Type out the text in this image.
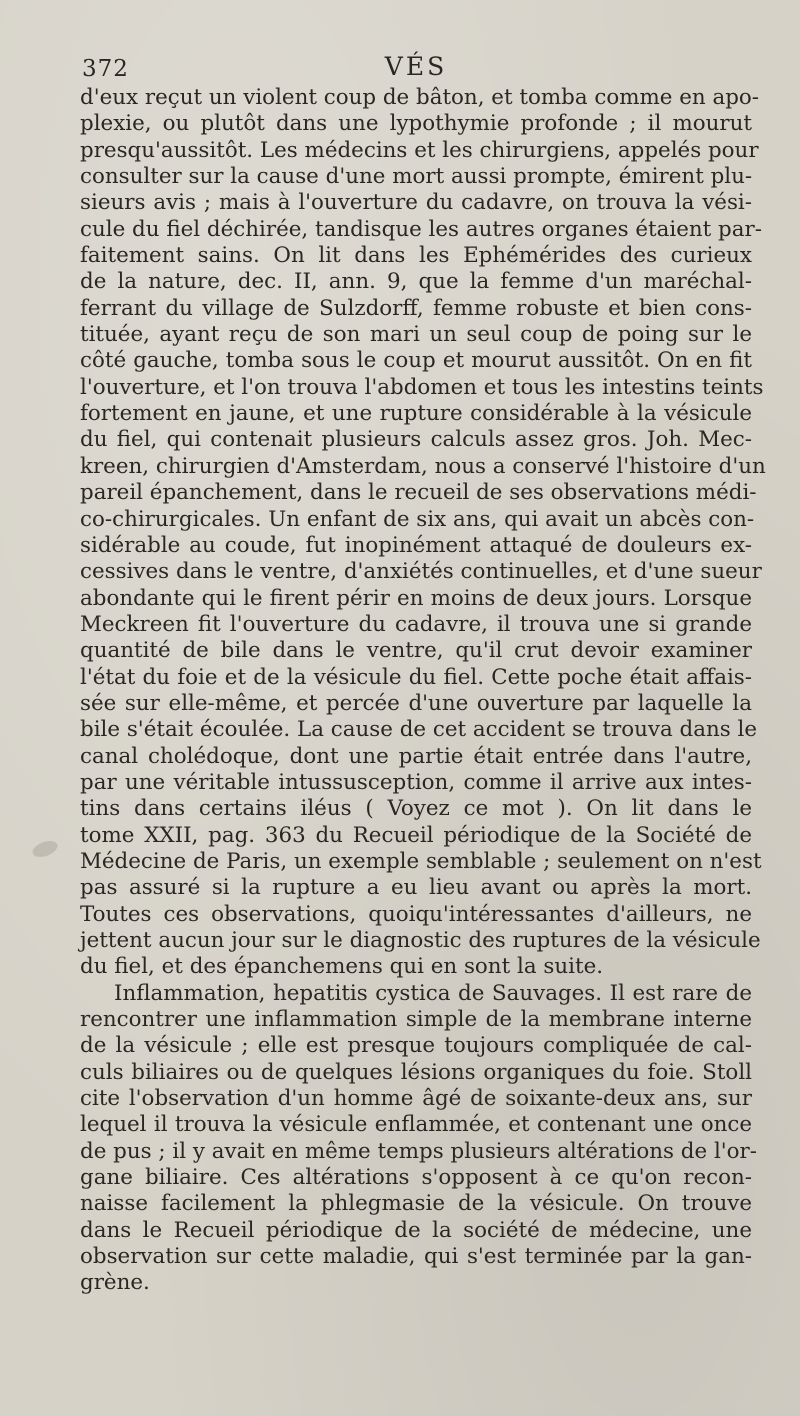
372	VÉS
d'eux reçut un violent coup de bâton, et tomba comme en apo-
plexie, ou plutôt dans une lypothymie profonde ; il mourut
presqu'aussitôt. Les médecins et les chirurgiens, appelés pour
consulter sur la cause d'une mort aussi prompte, émirent plu-
sieurs avis ; mais à l'ouverture du cadavre, on trouva la vési-
cule du fiel déchirée, tandisque les autres organes étaient par-
faitement sains. On lit dans les Ephémérides des curieux
de la nature, dec. II, ann. 9, que la femme d'un maréchal-
ferrant du village de Sulzdorff, femme robuste et bien cons-
tituée, ayant reçu de son mari un seul coup de poing sur le
côté gauche, tomba sous le coup et mourut aussitôt. On en fit
l'ouverture, et l'on trouva l'abdomen et tous les intestins teints
fortement en jaune, et une rupture considérable à la vésicule
du fiel, qui contenait plusieurs calculs assez gros. Joh. Mec-
kreen, chirurgien d'Amsterdam, nous a conservé l'histoire d'un
pareil épanchement, dans le recueil de ses observations médi-
co-chirurgicales. Un enfant de six ans, qui avait un abcès con-
sidérable au coude, fut inopinément attaqué de douleurs ex-
cessives dans le ventre, d'anxiétés continuelles, et d'une sueur
abondante qui le firent périr en moins de deux jours. Lorsque
Meckreen fit l'ouverture du cadavre, il trouva une si grande
quantité de bile dans le ventre, qu'il crut devoir examiner
l'état du foie et de la vésicule du fiel. Cette poche était affais-
sée sur elle-même, et percée d'une ouverture par laquelle la
bile s'était écoulée. La cause de cet accident se trouva dans le
canal cholédoque, dont une partie était entrée dans l'autre,
par une véritable intussusception, comme il arrive aux intes-
tins dans certains iléus ( Voyez ce mot ). On lit dans le
tome XXII, pag. 363 du Recueil périodique de la Société de
Médecine de Paris, un exemple semblable ; seulement on n'est
pas assuré si la rupture a eu lieu avant ou après la mort.
Toutes ces observations, quoiqu'intéressantes d'ailleurs, ne
jettent aucun jour sur le diagnostic des ruptures de la vésicule
du fiel, et des épanchemens qui en sont la suite.
Inflammation, hepatitis cystica de Sauvages. Il est rare de
rencontrer une inflammation simple de la membrane interne
de la vésicule ; elle est presque toujours compliquée de cal-
culs biliaires ou de quelques lésions organiques du foie. Stoll
cite l'observation d'un homme âgé de soixante-deux ans, sur
lequel il trouva la vésicule enflammée, et contenant une once
de pus ; il y avait en même temps plusieurs altérations de l'or-
gane biliaire. Ces altérations s'opposent à ce qu'on recon-
naisse facilement la phlegmasie de la vésicule. On trouve
dans le Recueil périodique de la société de médecine, une
observation sur cette maladie, qui s'est terminée par la gan-
grène.
